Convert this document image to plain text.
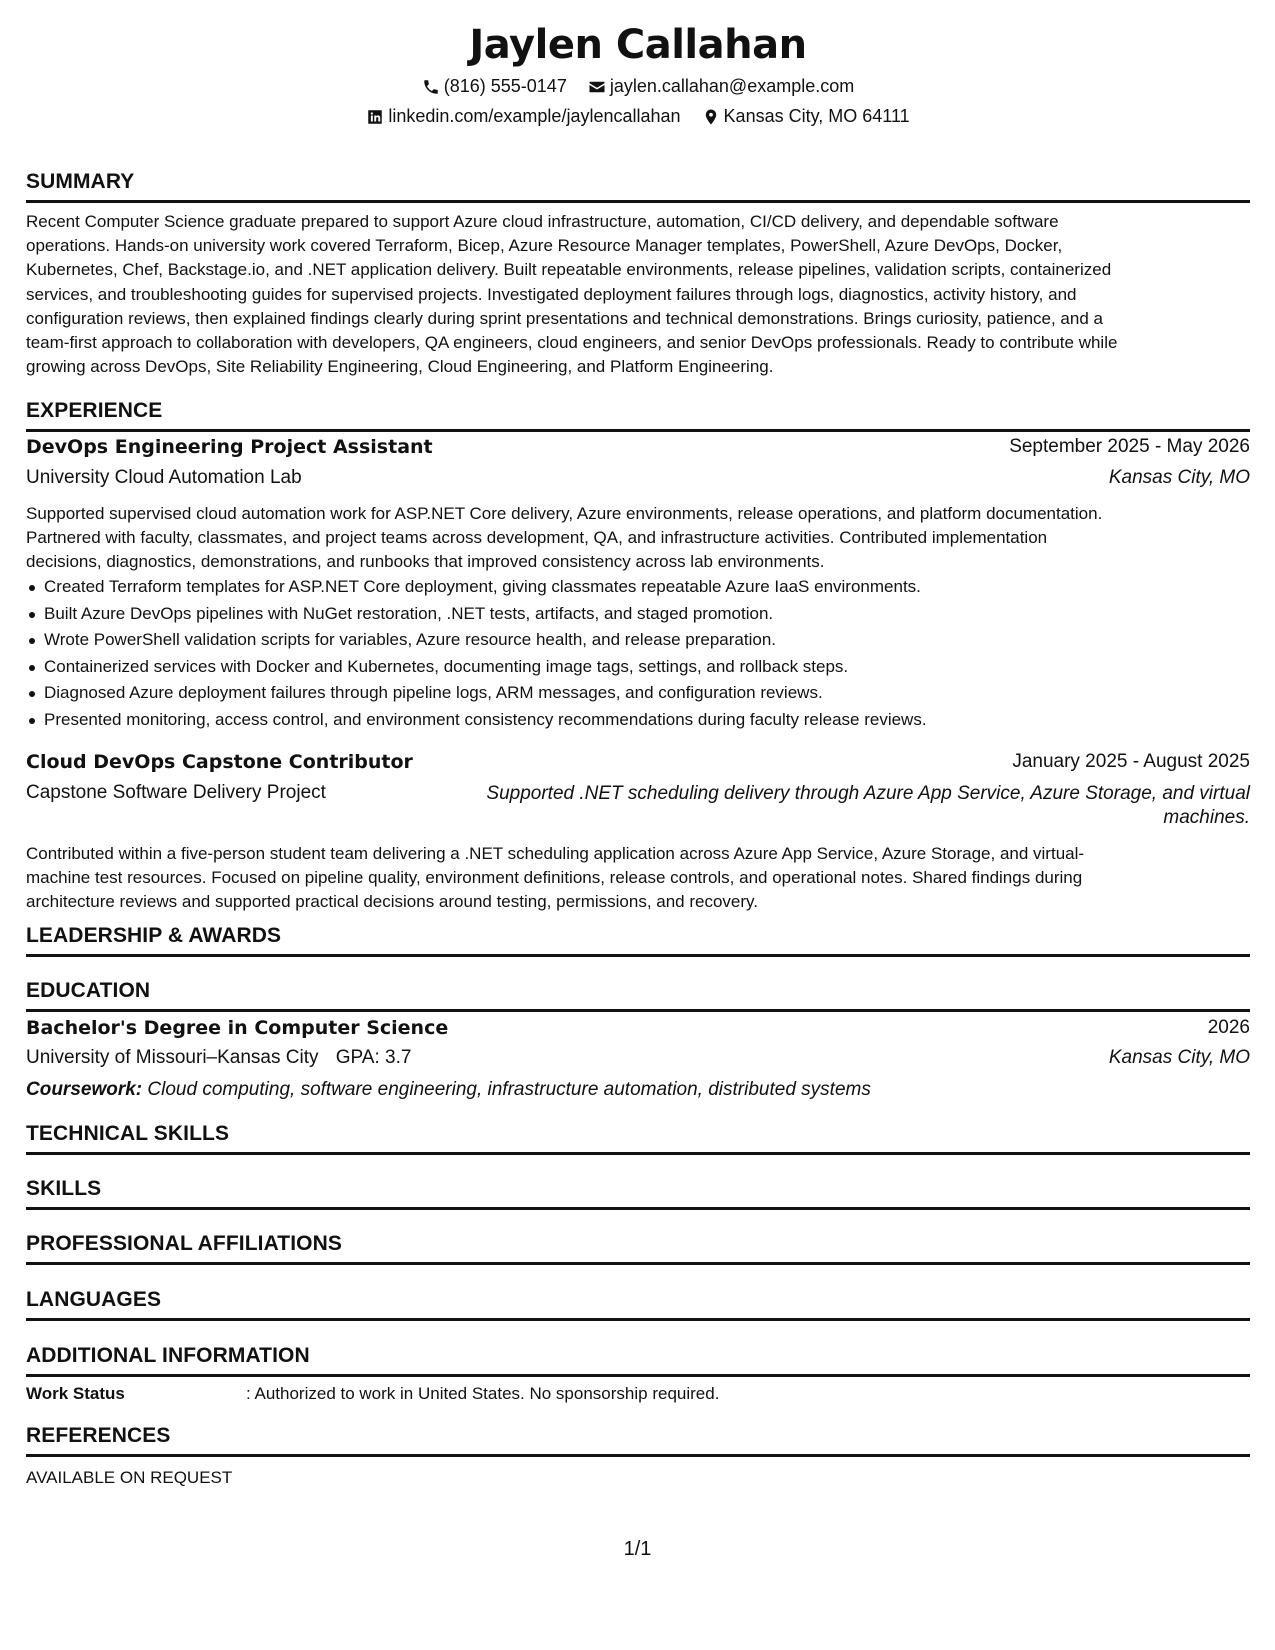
Jaylen Callahan
(816) 555-0147
jaylen.callahan@example.com
linkedin.com/example/jaylencallahan
Kansas City, MO 64111
SUMMARY
Recent Computer Science graduate prepared to support Azure cloud infrastructure, automation, CI/CD delivery, and dependable software
operations. Hands-on university work covered Terraform, Bicep, Azure Resource Manager templates, PowerShell, Azure DevOps, Docker,
Kubernetes, Chef, Backstage.io, and .NET application delivery. Built repeatable environments, release pipelines, validation scripts, containerized
services, and troubleshooting guides for supervised projects. Investigated deployment failures through logs, diagnostics, activity history, and
configuration reviews, then explained findings clearly during sprint presentations and technical demonstrations. Brings curiosity, patience, and a
team-first approach to collaboration with developers, QA engineers, cloud engineers, and senior DevOps professionals. Ready to contribute while
growing across DevOps, Site Reliability Engineering, Cloud Engineering, and Platform Engineering.
EXPERIENCE
DevOps Engineering Project Assistant	September 2025 - May 2026
University Cloud Automation Lab	Kansas City, MO
Supported supervised cloud automation work for ASP.NET Core delivery, Azure environments, release operations, and platform documentation.
Partnered with faculty, classmates, and project teams across development, QA, and infrastructure activities. Contributed implementation
decisions, diagnostics, demonstrations, and runbooks that improved consistency across lab environments.
Created Terraform templates for ASP.NET Core deployment, giving classmates repeatable Azure IaaS environments.
Built Azure DevOps pipelines with NuGet restoration, .NET tests, artifacts, and staged promotion.
Wrote PowerShell validation scripts for variables, Azure resource health, and release preparation.
Containerized services with Docker and Kubernetes, documenting image tags, settings, and rollback steps.
Diagnosed Azure deployment failures through pipeline logs, ARM messages, and configuration reviews.
Presented monitoring, access control, and environment consistency recommendations during faculty release reviews.
Cloud DevOps Capstone Contributor	January 2025 - August 2025
Capstone Software Delivery Project	Supported .NET scheduling delivery through Azure App Service, Azure Storage, and virtual
machines.
Contributed within a five-person student team delivering a .NET scheduling application across Azure App Service, Azure Storage, and virtual-
machine test resources. Focused on pipeline quality, environment definitions, release controls, and operational notes. Shared findings during
architecture reviews and supported practical decisions around testing, permissions, and recovery.
LEADERSHIP & AWARDS
EDUCATION
Bachelor's Degree in Computer Science	2026
University of Missouri–Kansas City GPA: 3.7	Kansas City, MO
Coursework: Cloud computing, software engineering, infrastructure automation, distributed systems
TECHNICAL SKILLS
SKILLS
PROFESSIONAL AFFILIATIONS
LANGUAGES
ADDITIONAL INFORMATION
Work Status	: Authorized to work in United States. No sponsorship required.
REFERENCES
AVAILABLE ON REQUEST
1/1
